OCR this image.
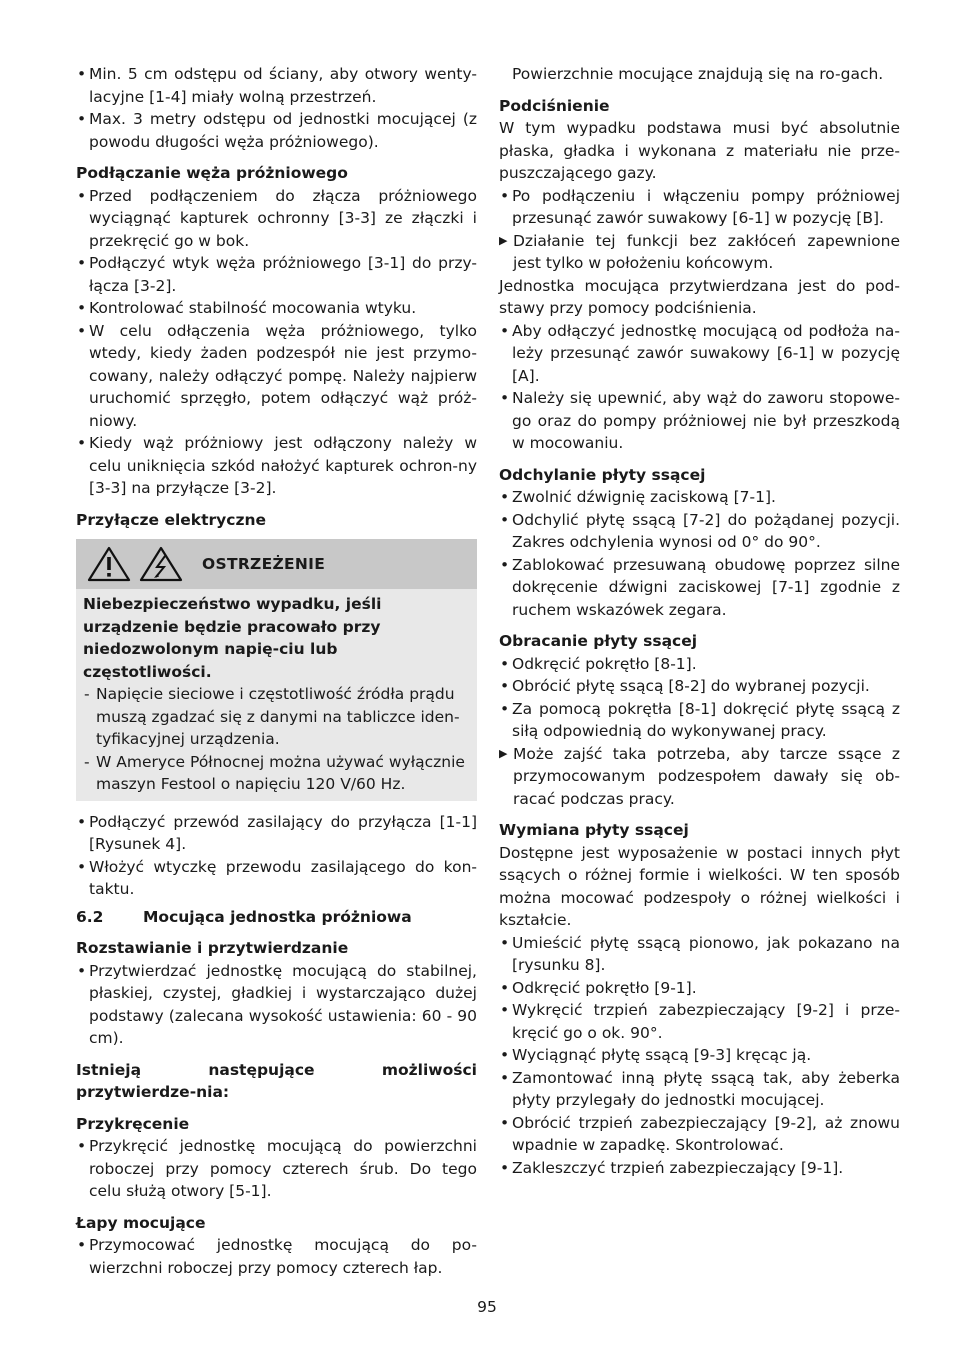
• Min. 5 cm odstępu od ściany, aby otwory wenty-lacyjne [1-4] miały wolną przestrzeń.

• Max. 3 metry odstępu od jednostki mocującej (z powodu długości węża próżniowego).

Podłączanie węża próżniowego

• Przed podłączeniem do złącza próżniowego wyciągnąć kapturek ochronny [3-3] ze złączki i przekręcić go w bok.

• Podłączyć wtyk węża próżniowego [3-1] do przy-łącza [3-2].

• Kontrolować stabilność mocowania wtyku.

• W celu odłączenia węża próżniowego, tylko wtedy, kiedy żaden podzespół nie jest przymo-cowany, należy odłączyć pompę. Należy najpierw uruchomić sprzęgło, potem odłączyć wąż próż-niowy.

• Kiedy wąż próżniowy jest odłączony należy w celu uniknięcia szkód nałożyć kapturek ochron-ny [3-3] na przyłącze [3-2].

Przyłącze elektryczne

OSTRZEŻENIE

Niebezpieczeństwo wypadku, jeśli urządzenie będzie pracowało przy niedozwolonym napię-ciu lub częstotliwości.

- Napięcie sieciowe i częstotliwość źródła prądu muszą zgadzać się z danymi na tabliczce iden-tyfikacyjnej urządzenia.

- W Ameryce Północnej można używać wyłącznie maszyn Festool o napięciu 120 V/60 Hz.

• Podłączyć przewód zasilający do przyłącza [1-1] [Rysunek 4].

• Włożyć wtyczkę przewodu zasilającego do kon-taktu.

6.2	Mocująca jednostka próżniowa

Rozstawianie i przytwierdzanie

• Przytwierdzać jednostkę mocującą do stabilnej, płaskiej, czystej, gładkiej i wystarczająco dużej podstawy (zalecana wysokość ustawienia: 60 - 90 cm).

Istnieją następujące możliwości przytwierdze-nia:

Przykręcenie

• Przykręcić jednostkę mocującą do powierzchni roboczej przy pomocy czterech śrub. Do tego celu służą otwory [5-1].

Łapy mocujące

• Przymocować jednostkę mocującą do po-wierzchni roboczej przy pomocy czterech łap.

Powierzchnie mocujące znajdują się na ro-gach.

Podciśnienie

W tym wypadku podstawa musi być absolutnie płaska, gładka i wykonana z materiału nie prze-puszczającego gazy.

• Po podłączeniu i włączeniu pompy próżniowej przesunąć zawór suwakowy [6-1] w pozycję [B].

▶ Działanie tej funkcji bez zakłóceń zapewnione jest tylko w położeniu końcowym.

Jednostka mocująca przytwierdzana jest do pod-stawy przy pomocy podciśnienia.

• Aby odłączyć jednostkę mocującą od podłoża na-leży przesunąć zawór suwakowy [6-1] w pozycję [A].

• Należy się upewnić, aby wąż do zaworu stopowe-go oraz do pompy próżniowej nie był przeszkodą w mocowaniu.

Odchylanie płyty ssącej

• Zwolnić dźwignię zaciskową [7-1].

• Odchylić płytę ssącą [7-2] do pożądanej pozycji. Zakres odchylenia wynosi od 0° do 90°.

• Zablokować przesuwaną obudowę poprzez silne dokręcenie dźwigni zaciskowej [7-1] zgodnie z ruchem wskazówek zegara.

Obracanie płyty ssącej

• Odkręcić pokrętło [8-1].

• Obrócić płytę ssącą [8-2] do wybranej pozycji.

• Za pomocą pokrętła [8-1] dokręcić płytę ssącą z siłą odpowiednią do wykonywanej pracy.

▶ Może zajść taka potrzeba, aby tarcze ssące z przymocowanym podzespołem dawały się ob-racać podczas pracy.

Wymiana płyty ssącej

Dostępne jest wyposażenie w postaci innych płyt ssących o różnej formie i wielkości. W ten sposób można mocować podzespoły o różnej wielkości i kształcie.

• Umieścić płytę ssącą pionowo, jak pokazano na [rysunku 8].

• Odkręcić pokrętło [9-1].

• Wykręcić trzpień zabezpieczający [9-2] i prze-kręcić go o ok. 90°.

• Wyciągnąć płytę ssącą [9-3] kręcąc ją.

• Zamontować inną płytę ssącą tak, aby żeberka płyty przylegały do jednostki mocującej.

• Obrócić trzpień zabezpieczający [9-2], aż znowu wpadnie w zapadkę. Skontrolować.

• Zakleszczyć trzpień zabezpieczający [9-1].

95
